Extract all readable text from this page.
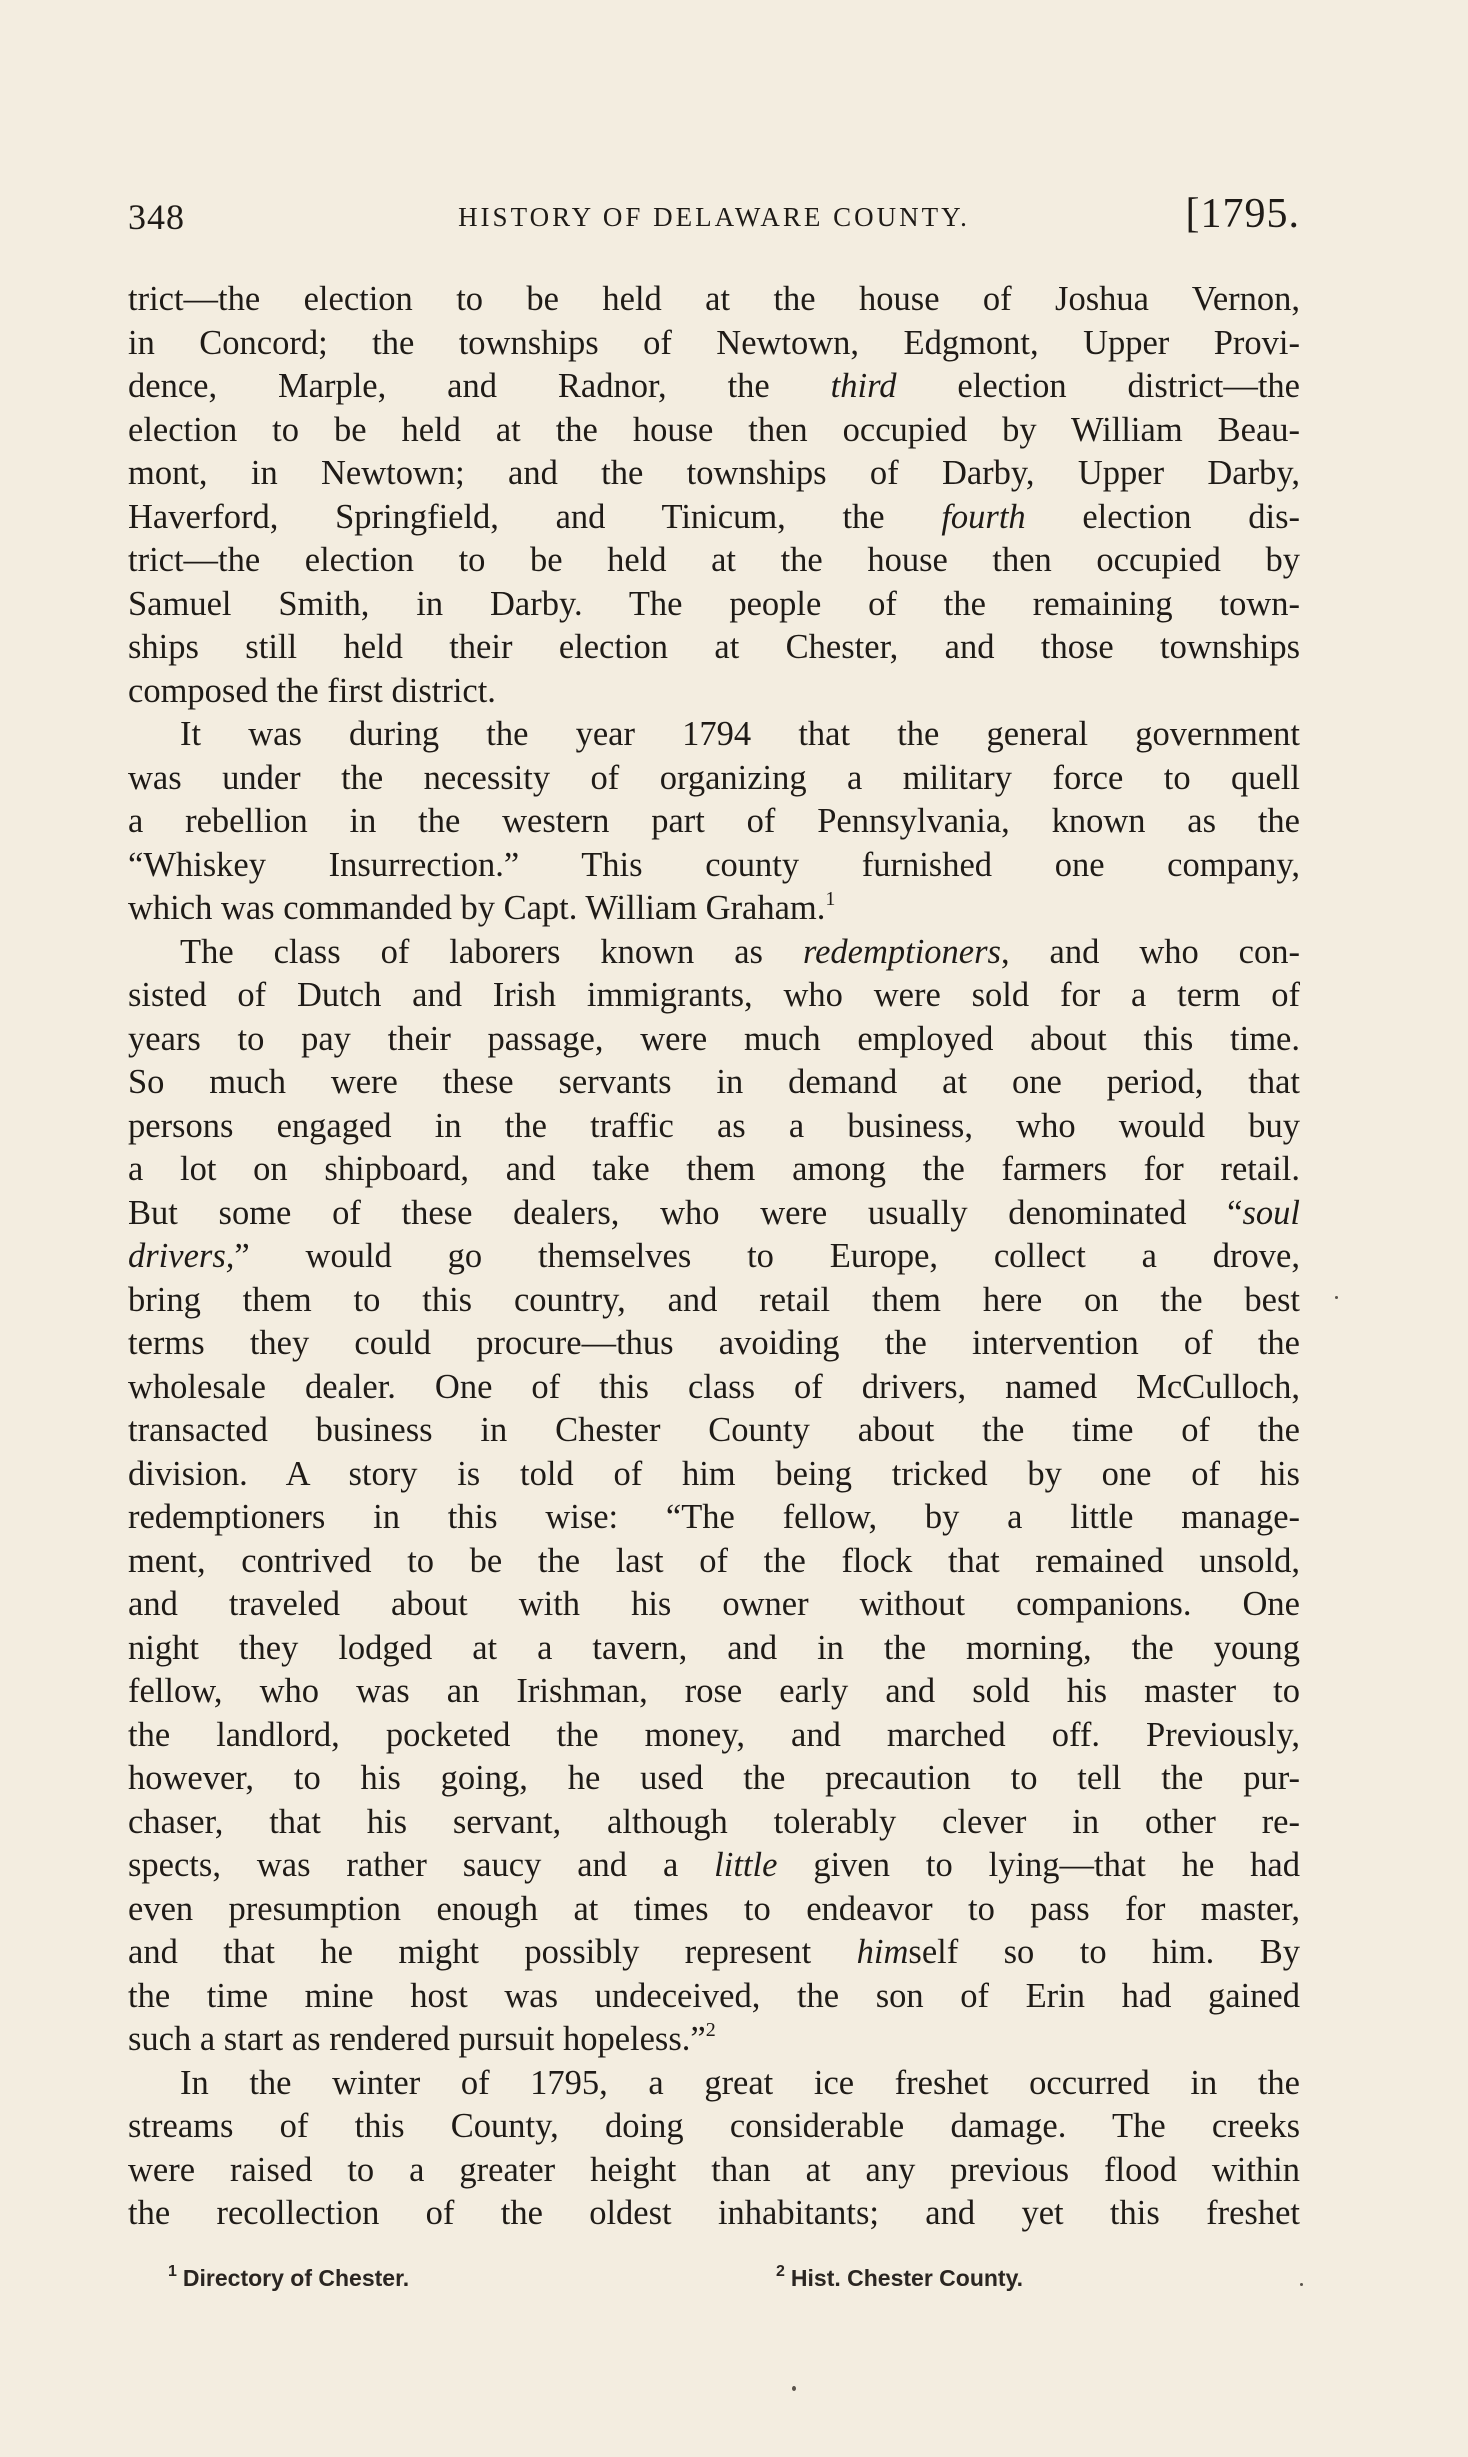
348	HISTORY OF DELAWARE COUNTY.	[1795.
trict—the election to be held at the house of Joshua Vernon,
in Concord; the townships of Newtown, Edgmont, Upper Provi-
dence, Marple, and Radnor, the third election district—the
election to be held at the house then occupied by William Beau-
mont, in Newtown; and the townships of Darby, Upper Darby,
Haverford, Springfield, and Tinicum, the fourth election dis-
trict—the election to be held at the house then occupied by
Samuel Smith, in Darby. The people of the remaining town-
ships still held their election at Chester, and those townships
composed the first district.
It was during the year 1794 that the general government
was under the necessity of organizing a military force to quell
a rebellion in the western part of Pennsylvania, known as the
“Whiskey Insurrection.” This county furnished one company,
which was commanded by Capt. William Graham.$^1$
The class of laborers known as redemptioners, and who con-
sisted of Dutch and Irish immigrants, who were sold for a term of
years to pay their passage, were much employed about this time.
So much were these servants in demand at one period, that
persons engaged in the traffic as a business, who would buy
a lot on shipboard, and take them among the farmers for retail.
But some of these dealers, who were usually denominated “soul
drivers,” would go themselves to Europe, collect a drove,
bring them to this country, and retail them here on the best
terms they could procure—thus avoiding the intervention of the
wholesale dealer. One of this class of drivers, named McCulloch,
transacted business in Chester County about the time of the
division. A story is told of him being tricked by one of his
redemptioners in this wise: “The fellow, by a little manage-
ment, contrived to be the last of the flock that remained unsold,
and traveled about with his owner without companions. One
night they lodged at a tavern, and in the morning, the young
fellow, who was an Irishman, rose early and sold his master to
the landlord, pocketed the money, and marched off. Previously,
however, to his going, he used the precaution to tell the pur-
chaser, that his servant, although tolerably clever in other re-
spects, was rather saucy and a little given to lying—that he had
even presumption enough at times to endeavor to pass for master,
and that he might possibly represent himself so to him. By
the time mine host was undeceived, the son of Erin had gained
such a start as rendered pursuit hopeless.”$^2$
In the winter of 1795, a great ice freshet occurred in the
streams of this County, doing considerable damage. The creeks
were raised to a greater height than at any previous flood within
the recollection of the oldest inhabitants; and yet this freshet
$^1$ Directory of Chester.	$^2$ Hist. Chester County.
